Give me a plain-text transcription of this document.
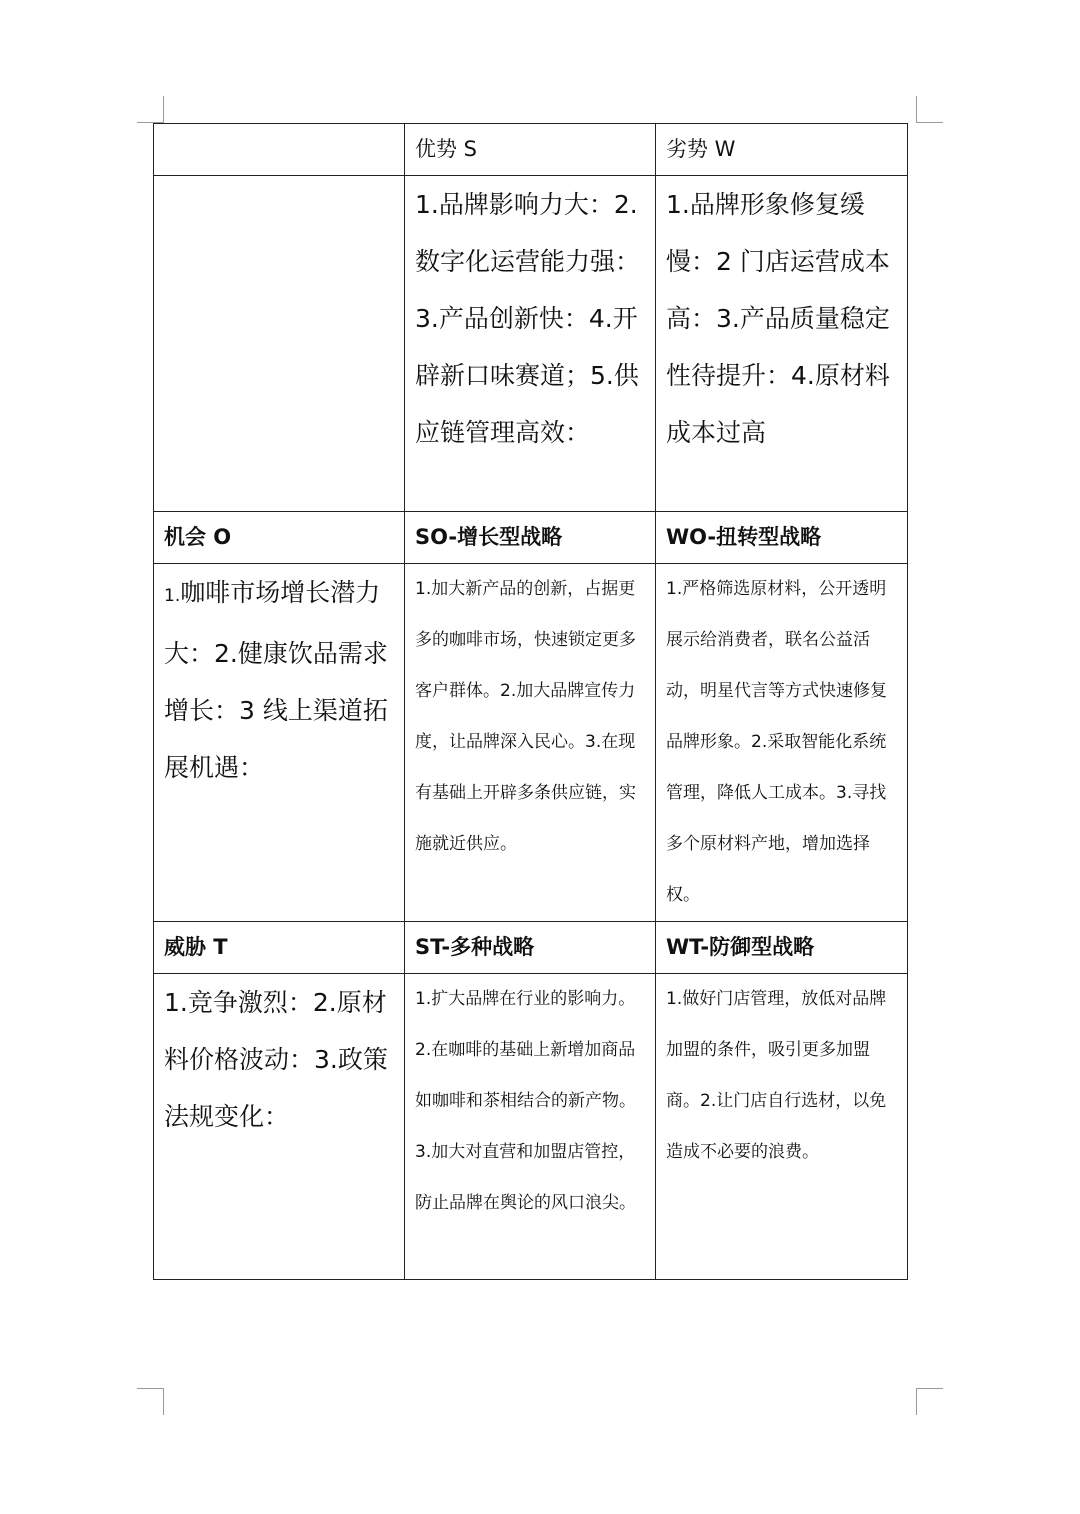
	优势 S	劣势 W
	1.品牌影响力大：2.数字化运营能力强：3.产品创新快：4.开辟新口味赛道；5.供应链管理高效：	1.品牌形象修复缓慢：2 门店运营成本高：3.产品质量稳定性待提升：4.原材料成本过高
机会 O	SO-增长型战略	WO-扭转型战略
1.咖啡市场增长潜力大：2.健康饮品需求增长：3 线上渠道拓展机遇：	1.加大新产品的创新，占据更多的咖啡市场，快速锁定更多客户群体。2.加大品牌宣传力度，让品牌深入民心。3.在现有基础上开辟多条供应链，实施就近供应。	1.严格筛选原材料，公开透明展示给消费者，联名公益活动，明星代言等方式快速修复品牌形象。2.采取智能化系统管理，降低人工成本。3.寻找多个原材料产地，增加选择权。
威胁 T	ST-多种战略	WT-防御型战略
1.竞争激烈：2.原材料价格波动：3.政策法规变化：	1.扩大品牌在行业的影响力。2.在咖啡的基础上新增加商品如咖啡和茶相结合的新产物。3.加大对直营和加盟店管控，防止品牌在舆论的风口浪尖。	1.做好门店管理，放低对品牌加盟的条件，吸引更多加盟商。2.让门店自行选材，以免造成不必要的浪费。
